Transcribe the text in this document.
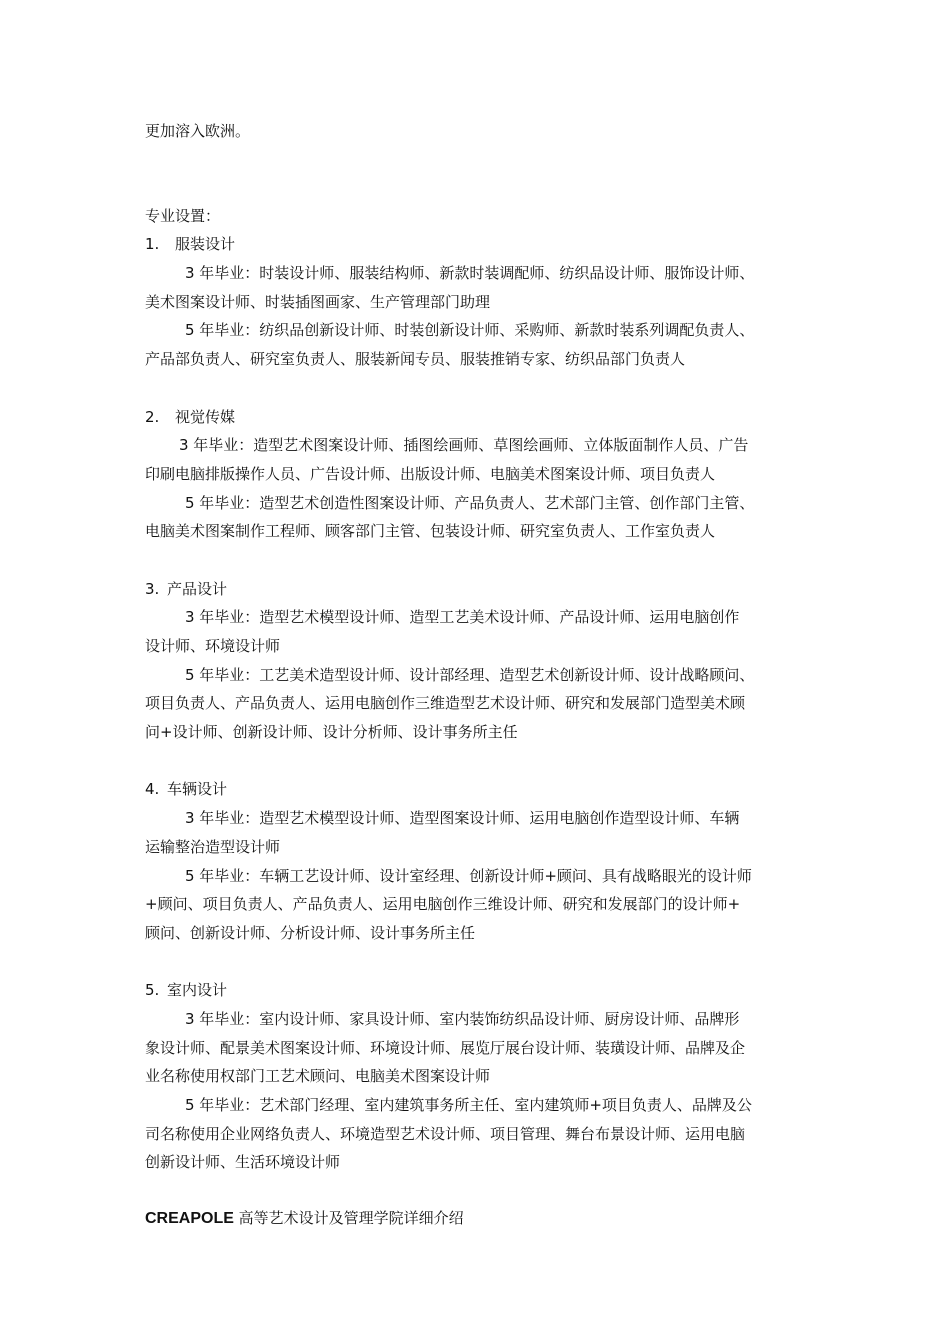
更加溶入欧洲。

专业设置：

1. 服装设计

3 年毕业：时装设计师、服装结构师、新款时装调配师、纺织品设计师、服饰设计师、

美术图案设计师、时装插图画家、生产管理部门助理

5 年毕业：纺织品创新设计师、时装创新设计师、采购师、新款时装系列调配负责人、

产品部负责人、研究室负责人、服装新闻专员、服装推销专家、纺织品部门负责人

2. 视觉传媒

3 年毕业：造型艺术图案设计师、插图绘画师、草图绘画师、立体版面制作人员、广告

印刷电脑排版操作人员、广告设计师、出版设计师、电脑美术图案设计师、项目负责人

5 年毕业：造型艺术创造性图案设计师、产品负责人、艺术部门主管、创作部门主管、

电脑美术图案制作工程师、顾客部门主管、包装设计师、研究室负责人、工作室负责人

3. 产品设计

3 年毕业：造型艺术模型设计师、造型工艺美术设计师、产品设计师、运用电脑创作

设计师、环境设计师

5 年毕业：工艺美术造型设计师、设计部经理、造型艺术创新设计师、设计战略顾问、

项目负责人、产品负责人、运用电脑创作三维造型艺术设计师、研究和发展部门造型美术顾

问+设计师、创新设计师、设计分析师、设计事务所主任

4. 车辆设计

3 年毕业：造型艺术模型设计师、造型图案设计师、运用电脑创作造型设计师、车辆

运输整治造型设计师

5 年毕业：车辆工艺设计师、设计室经理、创新设计师+顾问、具有战略眼光的设计师

+顾问、项目负责人、产品负责人、运用电脑创作三维设计师、研究和发展部门的设计师+

顾问、创新设计师、分析设计师、设计事务所主任

5. 室内设计

3 年毕业：室内设计师、家具设计师、室内装饰纺织品设计师、厨房设计师、品牌形

象设计师、配景美术图案设计师、环境设计师、展览厅展台设计师、装璜设计师、品牌及企

业名称使用权部门工艺术顾问、电脑美术图案设计师

5 年毕业：艺术部门经理、室内建筑事务所主任、室内建筑师+项目负责人、品牌及公

司名称使用企业网络负责人、环境造型艺术设计师、项目管理、舞台布景设计师、运用电脑

创新设计师、生活环境设计师

CREAPOLE 高等艺术设计及管理学院详细介绍
